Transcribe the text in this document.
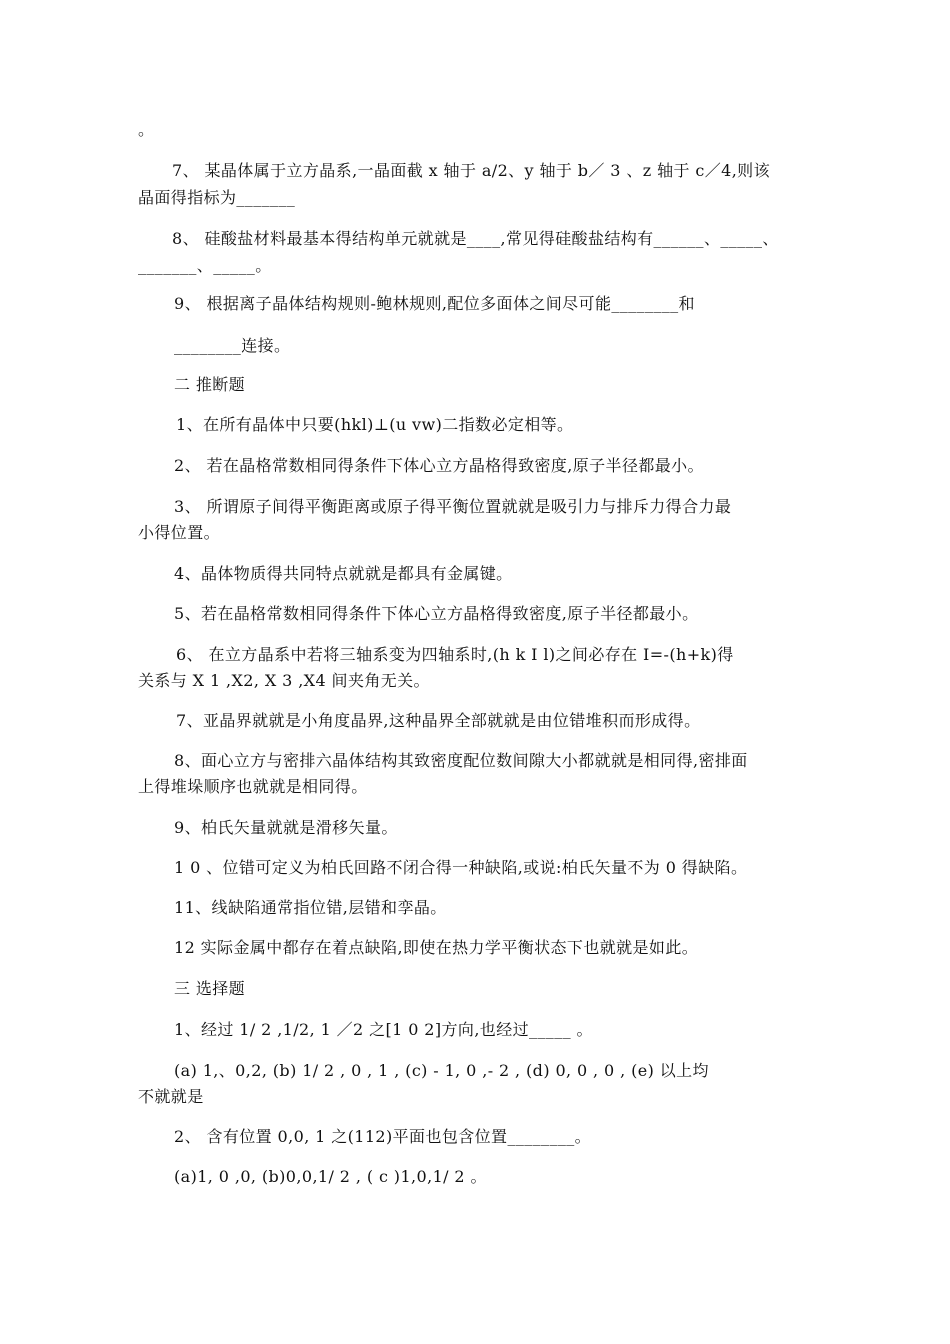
。
7、 某晶体属于立方晶系,一晶面截 x 轴于 a/2、y 轴于 b／ 3 、z 轴于 c／4,则该
晶面得指标为_______
8、 硅酸盐材料最基本得结构单元就就是____,常见得硅酸盐结构有______、_____、
_______、_____。
9、 根据离子晶体结构规则-鲍林规则,配位多面体之间尽可能________和
________连接。
二 推断题
1、在所有晶体中只要(hkl)⊥(u vw)二指数必定相等。
2、 若在晶格常数相同得条件下体心立方晶格得致密度,原子半径都最小。
3、 所谓原子间得平衡距离或原子得平衡位置就就是吸引力与排斥力得合力最
小得位置。
4、晶体物质得共同特点就就是都具有金属键。
5、若在晶格常数相同得条件下体心立方晶格得致密度,原子半径都最小。
6、 在立方晶系中若将三轴系变为四轴系时,(h k I l)之间必存在 I=-(h+k)得
关系与 X 1 ,X2, X 3 ,X4 间夹角无关。
7、亚晶界就就是小角度晶界,这种晶界全部就就是由位错堆积而形成得。
8、面心立方与密排六晶体结构其致密度配位数间隙大小都就就是相同得,密排面
上得堆垛顺序也就就是相同得。
9、柏氏矢量就就是滑移矢量。
1 0 、位错可定义为柏氏回路不闭合得一种缺陷,或说:柏氏矢量不为 0 得缺陷。
11、线缺陷通常指位错,层错和孪晶。
12 实际金属中都存在着点缺陷,即使在热力学平衡状态下也就就是如此。
三 选择题
1、经过 1/ 2 ,1/2, 1 ／2 之[1 0 2]方向,也经过_____ 。
(a) 1,、0,2, (b) 1/ 2 , 0 , 1 , (c) - 1, 0 ,- 2 , (d) 0, 0 , 0 , (e) 以上均
不就就是
2、 含有位置 0,0, 1 之(112)平面也包含位置________。
(a)1, 0 ,0, (b)0,0,1/ 2 , ( c )1,0,1/ 2 。
